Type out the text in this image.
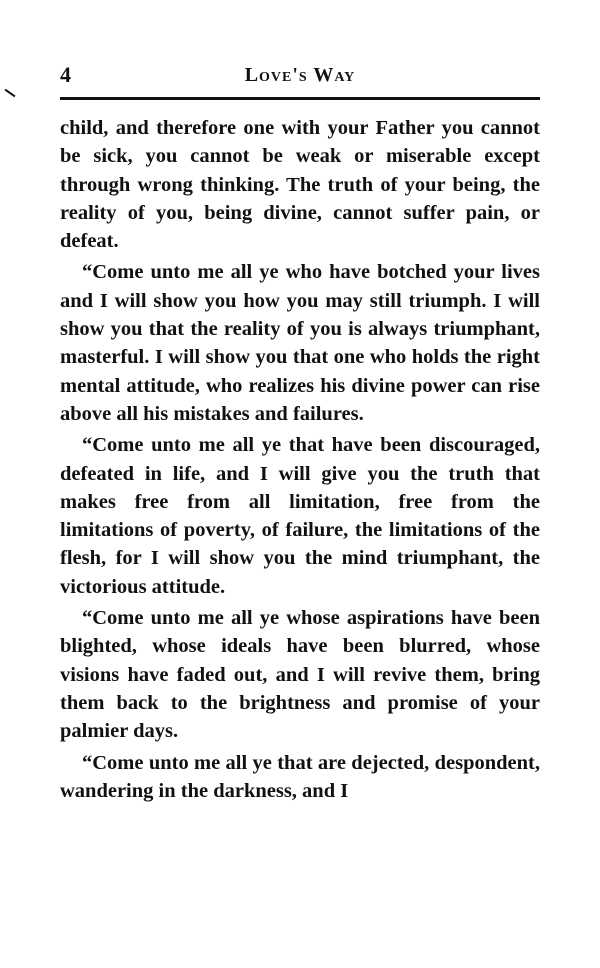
4	Love's Way

child, and therefore one with your Father you cannot be sick, you cannot be weak or miserable except through wrong thinking. The truth of your being, the reality of you, being divine, cannot suffer pain, or defeat.

“Come unto me all ye who have botched your lives and I will show you how you may still triumph. I will show you that the reality of you is always triumphant, masterful. I will show you that one who holds the right mental attitude, who realizes his divine power can rise above all his mistakes and failures.

“Come unto me all ye that have been discouraged, defeated in life, and I will give you the truth that makes free from all limitation, free from the limitations of poverty, of failure, the limitations of the flesh, for I will show you the mind triumphant, the victorious attitude.

“Come unto me all ye whose aspirations have been blighted, whose ideals have been blurred, whose visions have faded out, and I will revive them, bring them back to the brightness and promise of your palmier days.

“Come unto me all ye that are dejected, despondent, wandering in the darkness, and I
